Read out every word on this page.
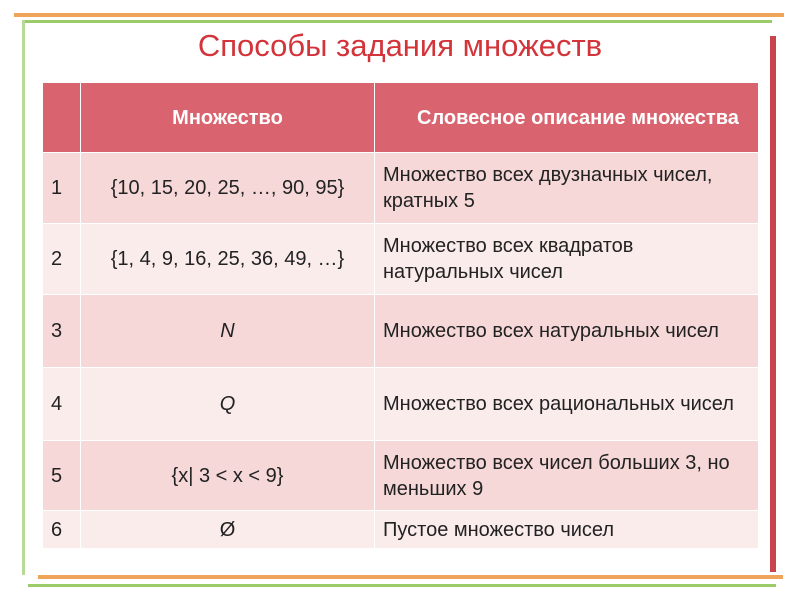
Способы задания множеств
	Множество	Словесное описание множества
1	{10, 15, 20, 25, …, 90, 95}	Множество всех двузначных чисел, кратных 5
2	{1, 4, 9, 16, 25, 36, 49, …}	Множество всех квадратов натуральных чисел
3	N	Множество всех натуральных чисел
4	Q	Множество всех рациональных чисел
5	{x| 3 < x < 9}	Множество всех чисел больших 3, но меньших 9
6	Ø	Пустое множество чисел
